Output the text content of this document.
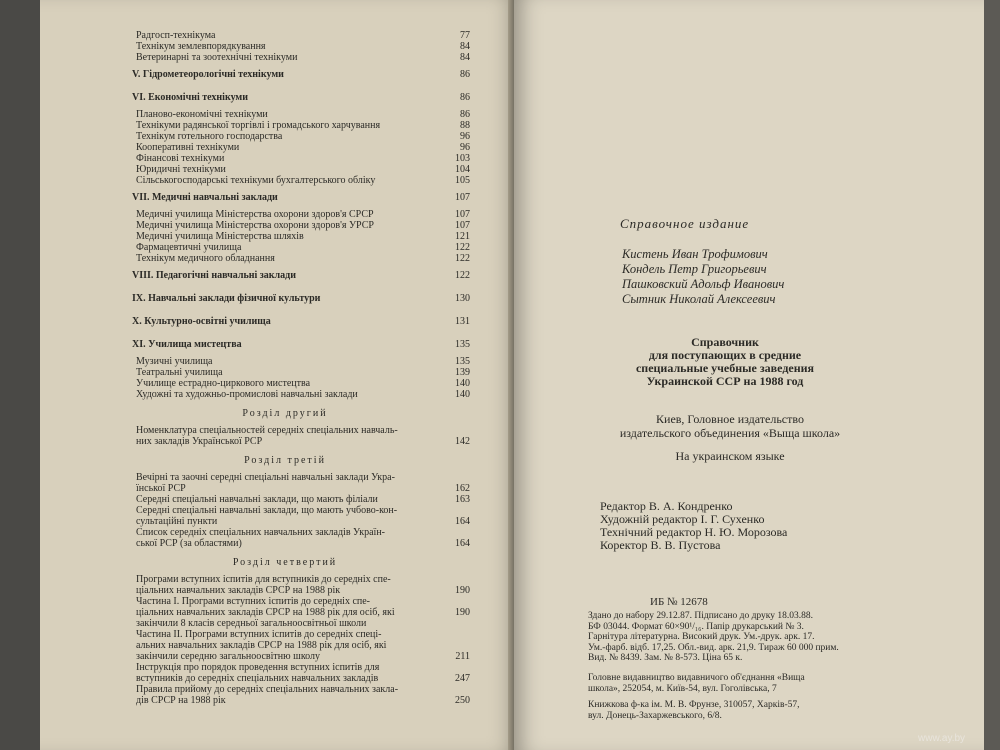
Радгосп-технікума	77
Технікум землевпорядкування	84
Ветеринарні та зоотехнічні технікуми	84
V. Гідрометеорологічні технікуми	86
VI. Економічні технікуми	86
Планово-економічні технікуми	86
Технікуми радянської торгівлі і громадського харчування	88
Технікум готельного господарства	96
Кооперативні технікуми	96
Фінансові технікуми	103
Юридичні технікуми	104
Сільськогосподарські технікуми бухгалтерського обліку	105
VII. Медичні навчальні заклади	107
Медичні училища Міністерства охорони здоров'я СРСР	107
Медичні училища Міністерства охорони здоров'я УРСР	107
Медичні училища Міністерства шляхів	121
Фармацевтичні училища	122
Технікум медичного обладнання	122
VIII. Педагогічні навчальні заклади	122
IX. Навчальні заклади фізичної культури	130
X. Культурно-освітні училища	131
XI. Училища мистецтва	135
Музичні училища	135
Театральні училища	139
Училище естрадно-циркового мистецтва	140
Художні та художньо-промислові навчальні заклади	140
Розділ другий
Номенклатура спеціальностей середніх спеціальних навчаль-
них закладів Української РСР	142
Розділ третій
Вечірні та заочні середні спеціальні навчальні заклади Укра-
їнської РСР	162
Середні спеціальні навчальні заклади, що мають філіали	163
Середні спеціальні навчальні заклади, що мають учбово-кон-
сультаційні пункти	164
Список середніх спеціальних навчальних закладів Україн-
ської РСР (за областями)	164
Розділ четвертий
Програми вступних іспитів для вступників до середніх спе-
ціальних навчальних закладів СРСР на 1988 рік	190
Частина І. Програми вступних іспитів до середніх спе-
ціальних навчальних закладів СРСР на 1988 рік для осіб, які	190
закінчили 8 класів середньої загальноосвітньої школи
Частина II. Програми вступних іспитів до середніх спеці-
альних навчальних закладів СРСР на 1988 рік для осіб, які
закінчили середню загальноосвітню школу	211
Інструкція про порядок проведення вступних іспитів для
вступників до середніх спеціальних навчальних закладів	247
Правила прийому до середніх спеціальних навчальних закла-
дів СРСР на 1988 рік	250
Справочное издание
Кистень Иван Трофимович
Кондель Петр Григорьевич
Пашковский Адольф Иванович
Сытник Николай Алексеевич
Справочник
для поступающих в средние
специальные учебные заведения
Украинской ССР на 1988 год
Киев, Головное издательство
издательского объединения «Выща школа»
На украинском языке
Редактор В. А. Кондренко
Художній редактор І. Г. Сухенко
Технічний редактор Н. Ю. Морозова
Коректор В. В. Пустова
ИБ № 12678
Здано до набору 29.12.87. Підписано до друку 18.03.88.
БФ 03044. Формат 60×90¹/₁₆. Папір друкарський № 3.
Гарнітура літературна. Високий друк. Ум.-друк. арк. 17.
Ум.-фарб. відб. 17,25. Обл.-вид. арк. 21,9. Тираж 60 000 прим.
Вид. № 8439. Зам. № 8-573. Ціна 65 к.
Головне видавництво видавничого об'єднання «Вища
школа», 252054, м. Київ-54, вул. Гоголівська, 7
Книжкова ф-ка ім. М. В. Фрунзе, 310057, Харків-57,
вул. Донець-Захаржевського, 6/8.
www.ay.by
